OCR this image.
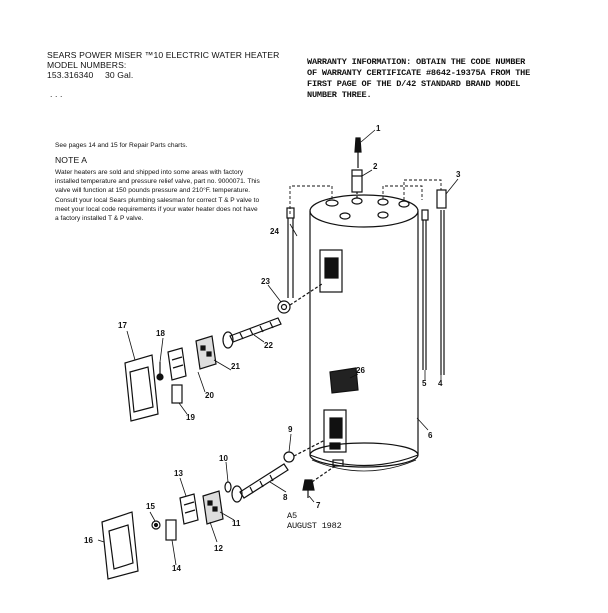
SEARS POWER MISER ™10 ELECTRIC WATER HEATER
MODEL NUMBERS:
153.316340 30 Gal.
. . .
WARRANTY INFORMATION: OBTAIN THE CODE NUMBER
OF WARRANTY CERTIFICATE #8642-19375A FROM THE
FIRST PAGE OF THE D/42 STANDARD BRAND MODEL
NUMBER THREE.
See pages 14 and 15 for Repair Parts charts.
NOTE A
Water heaters are sold and shipped into some areas with factory installed temperature and pressure relief valve, part no. 9000071. This valve will function at 150 pounds pressure and 210°F. temperature. Consult your local Sears plumbing salesman for correct T & P valve to meet your local code requirements if your water heater does not have a factory installed T & P valve.
A5
AUGUST 1982
1
2
3
4
5
6
7
8
9
10
11
12
13
14
15
16
17
18
19
20
21
22
23
24
26
